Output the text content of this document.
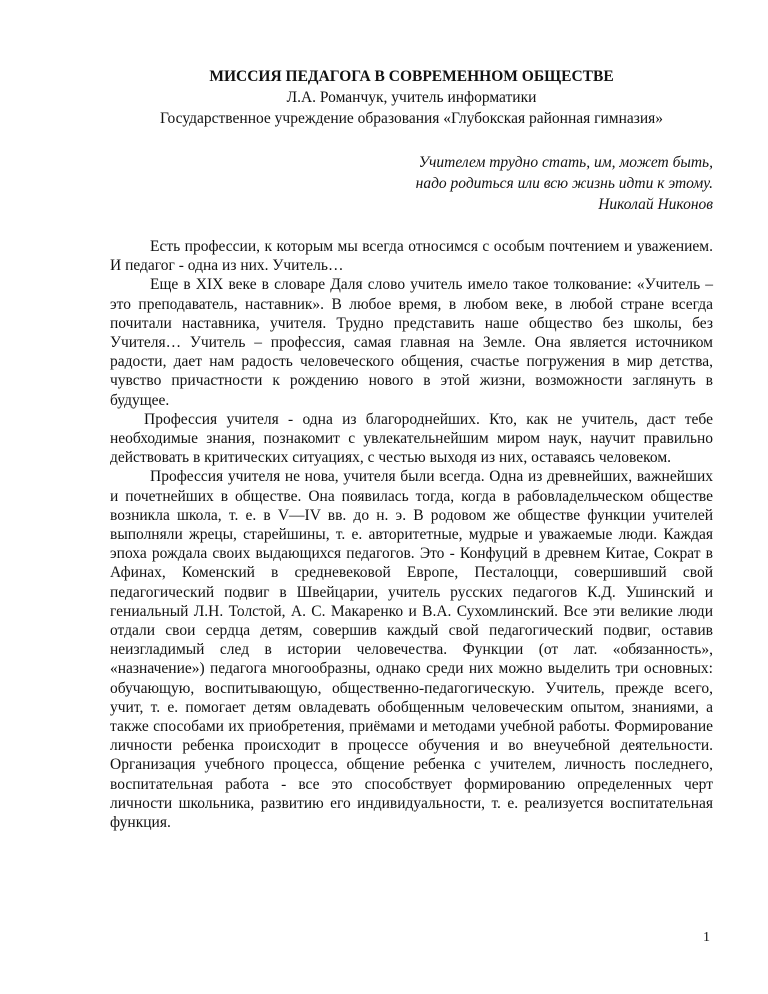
МИССИЯ ПЕДАГОГА В СОВРЕМЕННОМ ОБЩЕСТВЕ
Л.А. Романчук, учитель информатики
Государственное учреждение образования «Глубокская районная гимназия»
Учителем трудно стать, им, может быть,
надо родиться или всю жизнь идти к этому.
Николай Никонов

Есть профессии, к которым мы всегда относимся с особым почтением и уважением. И педагог - одна из них. Учитель…

Еще в XIX веке в словаре Даля слово учитель имело такое толкование: «Учитель – это преподаватель, наставник». В любое время, в любом веке, в любой стране всегда почитали наставника, учителя. Трудно представить наше общество без школы, без Учителя… Учитель – профессия, самая главная на Земле. Она является источником радости, дает нам радость человеческого общения, счастье погружения в мир детства, чувство причастности к рождению нового в этой жизни, возможности заглянуть в будущее.

Профессия учителя - одна из благороднейших. Кто, как не учитель, даст тебе необходимые знания, познакомит с увлекательнейшим миром наук, научит правильно действовать в критических ситуациях, с честью выходя из них, оставаясь человеком.

Профессия учителя не нова, учителя были всегда. Одна из древнейших, важнейших и почетнейших в обществе. Она появилась тогда, когда в рабовладельческом обществе возникла школа, т. е. в V—IV вв. до н. э. В родовом же обществе функции учителей выполняли жрецы, старейшины, т. е. авторитетные, мудрые и уважаемые люди. Каждая эпоха рождала своих выдающихся педагогов. Это - Конфуций в древнем Китае, Сократ в Афинах, Коменский в средневековой Европе, Песталоцци, совершивший свой педагогический подвиг в Швейцарии, учитель русских педагогов К.Д. Ушинский и гениальный Л.Н. Толстой, А. С. Макаренко и В.А. Сухомлинский. Все эти великие люди отдали свои сердца детям, совершив каждый свой педагогический подвиг, оставив неизгладимый след в истории человечества. Функции (от лат. «обязанность», «назначение») педагога многообразны, однако среди них можно выделить три основных: обучающую, воспитывающую, общественно-педагогическую. Учитель, прежде всего, учит, т. е. помогает детям овладевать обобщенным человеческим опытом, знаниями, а также способами их приобретения, приёмами и методами учебной работы. Формирование личности ребенка происходит в процессе обучения и во внеучебной деятельности. Организация учебного процесса, общение ребенка с учителем, личность последнего, воспитательная работа - все это способствует формированию определенных черт личности школьника, развитию его индивидуальности, т. е. реализуется воспитательная функция.

1
